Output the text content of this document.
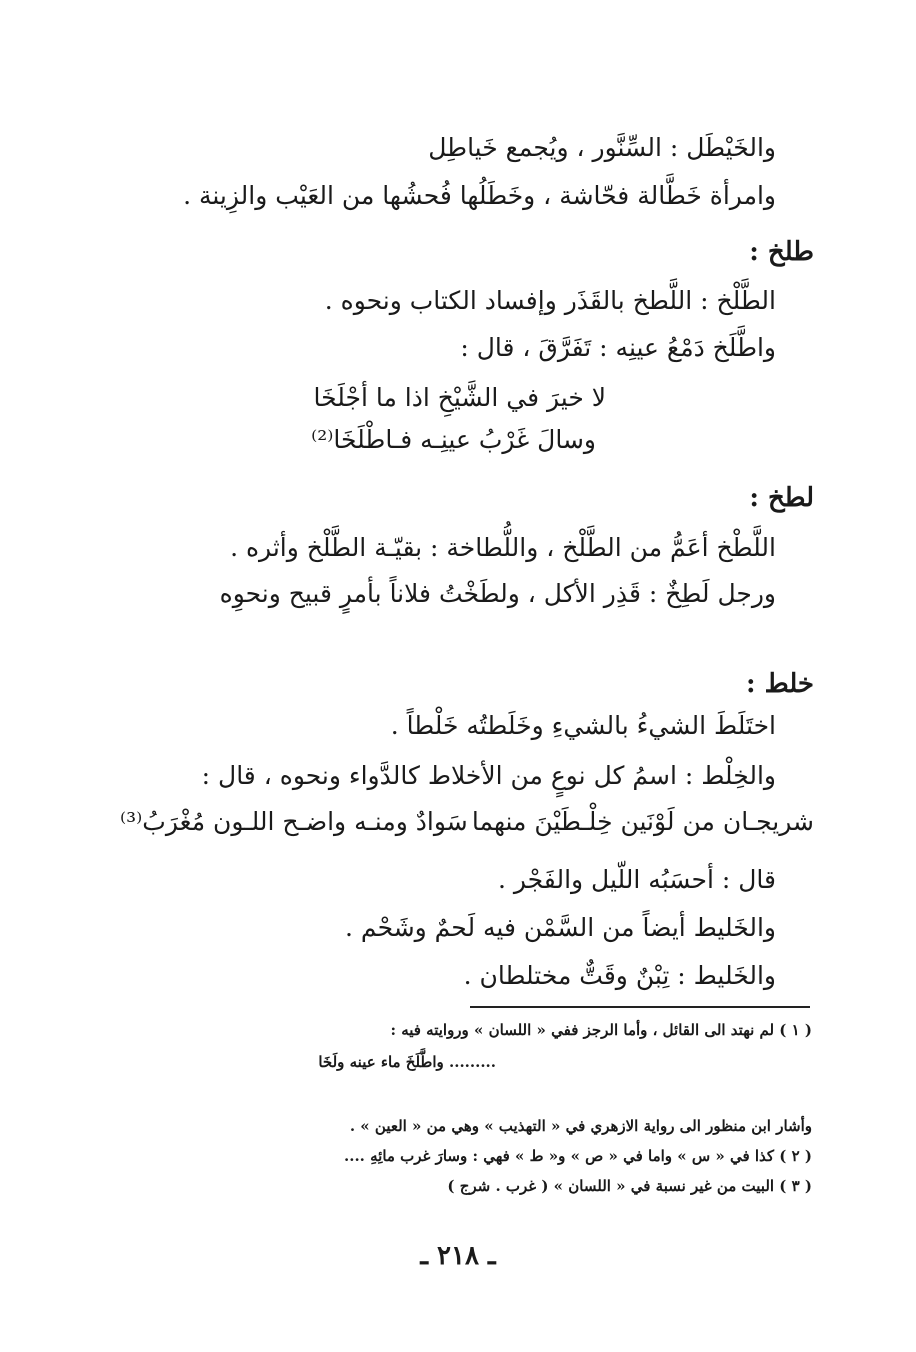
والخَيْطَل : السِّنَّور ، ويُجمع خَياطِل
وامرأة خَطَّالة فحّاشة ، وخَطَلُها فُحشُها من العَيْب والزِينة .
طلخ :
الطَّلْخ : اللَّطخ بالقَذَر وإفساد الكتاب ونحوه .
واطَّلَخ دَمْعُ عينِه : تَفَرَّقَ ، قال :
لا خيرَ في الشَّيْخِ اذا ما أجْلَخَا
وسالَ غَرْبُ عينِـه فـاطْلَخَا⁽²⁾
لطخ :
اللَّطْخ أعَمُّ من الطَّلْخ ، واللُّطاخة : بقيّـة الطَّلْخ وأثره .
ورجل لَطِخٌ : قَذِر الأكل ، ولطَخْتُ فلاناً بأمرٍ قبيح ونحوِه
خلط :
اختَلَطَ الشيءُ بالشيءِ وخَلَطتُه خَلْطاً .
والخِلْط : اسمُ كل نوعٍ من الأخلاط كالدَّواء ونحوه ، قال :
شريجـان من لَوْنَين خِلْـطَيْنَ منهما
سَوادٌ ومنـه واضـح اللـون مُغْرَبُ⁽³⁾
قال : أحسَبُه اللّيل والفَجْر .
والخَليط أيضاً من السَّمْن فيه لَحمٌ وشَحْم .
والخَليط : تِبْنٌ وقَتٌّ مختلطان .
( ١ ) لم نهتد الى القائل ، وأما الرجز ففي « اللسان » وروايته فيه :
......... واطَّلَخَ ماء عينه ولَخَا
وأشار ابن منظور الى رواية الازهري في « التهذيب » وهي من « العين » .
( ٢ ) كذا في « س » واما في « ص » و« ط » فهي : وسارَ غرب مائِهِ ....
( ٣ ) البيت من غير نسبة في « اللسان » ( غرب . شرج )
ـ ٢١٨ ـ
